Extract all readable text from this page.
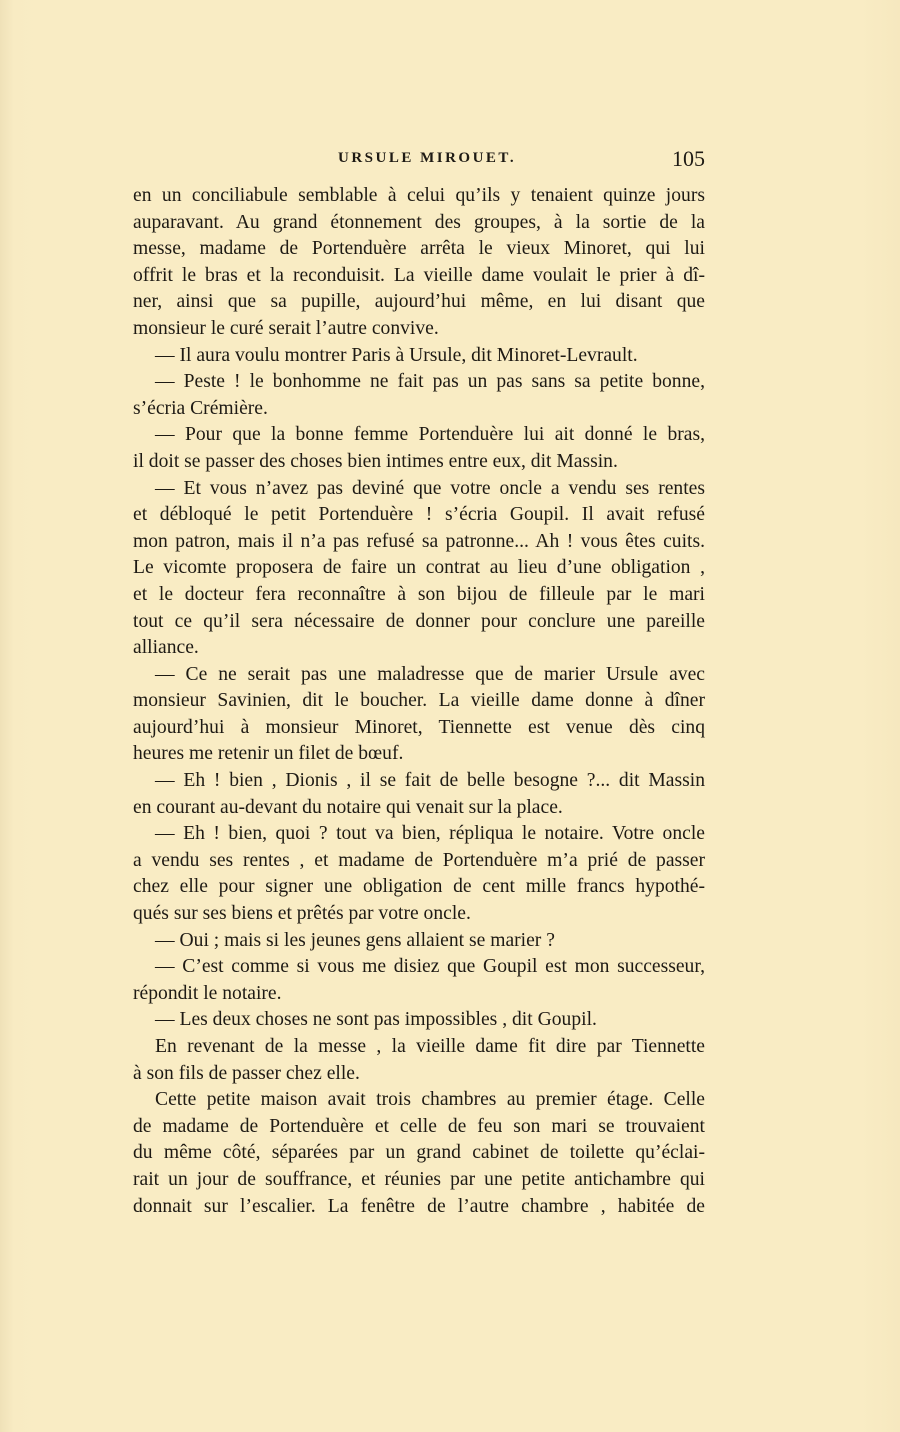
URSULE MIROUET.	105
en un conciliabule semblable à celui qu’ils y tenaient quinze jours
auparavant. Au grand étonnement des groupes, à la sortie de la
messe, madame de Portenduère arrêta le vieux Minoret, qui lui
offrit le bras et la reconduisit. La vieille dame voulait le prier à dî-
ner, ainsi que sa pupille, aujourd’hui même, en lui disant que
monsieur le curé serait l’autre convive.
— Il aura voulu montrer Paris à Ursule, dit Minoret-Levrault.
— Peste ! le bonhomme ne fait pas un pas sans sa petite bonne,
s’écria Crémière.
— Pour que la bonne femme Portenduère lui ait donné le bras,
il doit se passer des choses bien intimes entre eux, dit Massin.
— Et vous n’avez pas deviné que votre oncle a vendu ses rentes
et débloqué le petit Portenduère ! s’écria Goupil. Il avait refusé
mon patron, mais il n’a pas refusé sa patronne... Ah ! vous êtes cuits.
Le vicomte proposera de faire un contrat au lieu d’une obligation ,
et le docteur fera reconnaître à son bijou de filleule par le mari
tout ce qu’il sera nécessaire de donner pour conclure une pareille
alliance.
— Ce ne serait pas une maladresse que de marier Ursule avec
monsieur Savinien, dit le boucher. La vieille dame donne à dîner
aujourd’hui à monsieur Minoret, Tiennette est venue dès cinq
heures me retenir un filet de bœuf.
— Eh ! bien , Dionis , il se fait de belle besogne ?... dit Massin
en courant au-devant du notaire qui venait sur la place.
— Eh ! bien, quoi ? tout va bien, répliqua le notaire. Votre oncle
a vendu ses rentes , et madame de Portenduère m’a prié de passer
chez elle pour signer une obligation de cent mille francs hypothé-
qués sur ses biens et prêtés par votre oncle.
— Oui ; mais si les jeunes gens allaient se marier ?
— C’est comme si vous me disiez que Goupil est mon successeur,
répondit le notaire.
— Les deux choses ne sont pas impossibles , dit Goupil.
En revenant de la messe , la vieille dame fit dire par Tiennette
à son fils de passer chez elle.
Cette petite maison avait trois chambres au premier étage. Celle
de madame de Portenduère et celle de feu son mari se trouvaient
du même côté, séparées par un grand cabinet de toilette qu’éclai-
rait un jour de souffrance, et réunies par une petite antichambre qui
donnait sur l’escalier. La fenêtre de l’autre chambre , habitée de
